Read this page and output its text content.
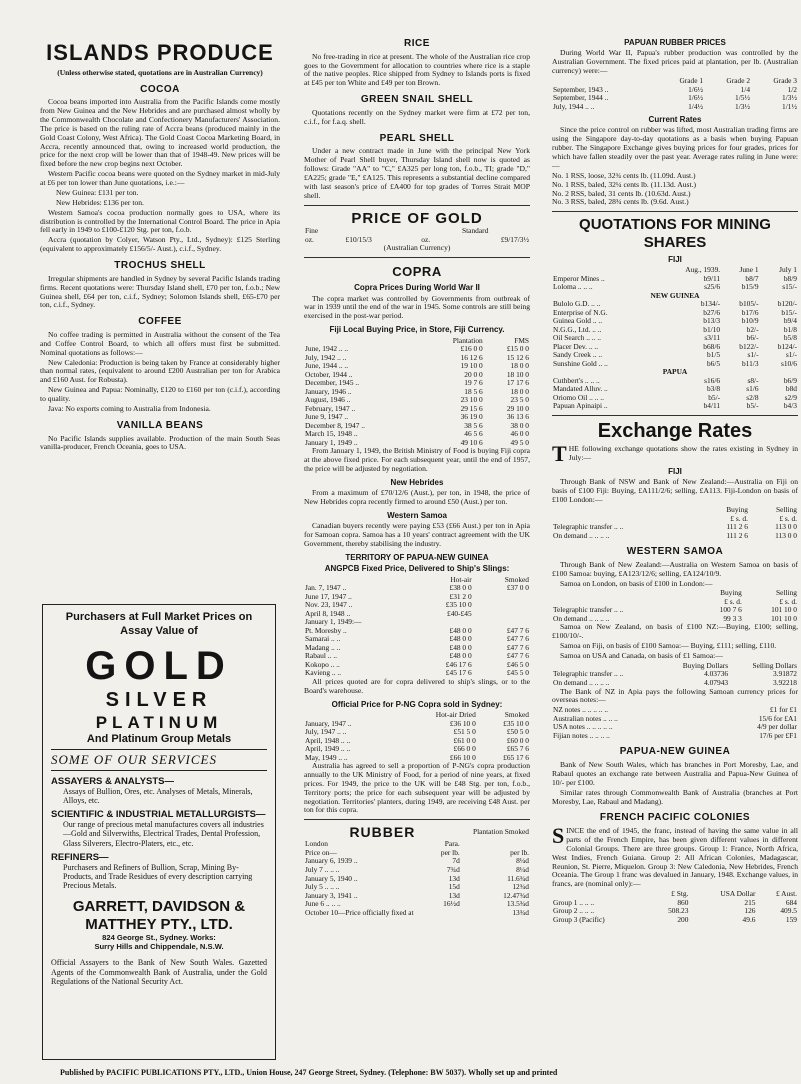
ISLANDS PRODUCE
(Unless otherwise stated, quotations are in Australian Currency)
COCOA

Cocoa beans imported into Australia from the Pacific Islands come mostly from New Guinea and the New Hebrides and are purchased almost wholly by the Commonwealth Chocolate and Confectionery Manufacturers' Association. The price is based on the ruling rate of Accra beans (produced mainly in the Gold Coast Colony, West Africa). The Gold Coast Cocoa Marketing Board, in Accra, recently announced that, owing to increased world production, the price for the next crop will be lower than that of 1948-49. New prices will be fixed before the new crop begins next October.

Western Pacific cocoa beans were quoted on the Sydney market in mid-July at £6 per ton lower than June quotations, i.e.:—

New Guinea: £131 per ton.

New Hebrides: £136 per ton.

Western Samoa's cocoa production normally goes to USA, where its distribution is controlled by the International Control Board. The price in Apia fell early in 1949 to £100-£120 Stg. per ton, f.o.b.

Accra (quotation by Colyer, Watson Pty., Ltd., Sydney): £125 Sterling (equivalent to approximately £156/5/- Aust.), c.i.f., Sydney.

TROCHUS SHELL

Irregular shipments are handled in Sydney by several Pacific Islands trading firms. Recent quotations were: Thursday Island shell, £70 per ton, f.o.b.; New Guinea shell, £64 per ton, c.i.f., Sydney; Solomon Islands shell, £65-£70 per ton, c.i.f., Sydney.

COFFEE

No coffee trading is permitted in Australia without the consent of the Tea and Coffee Control Board, to which all offers must first be submitted. Nominal quotations as follows:—

New Caledonia: Production is being taken by France at considerably higher than normal rates, (equivalent to around £200 Australian per ton for Arabica and £160 Aust. for Robusta).

New Guinea and Papua: Nominally, £120 to £160 per ton (c.i.f.), according to quality.

Java: No exports coming to Australia from Indonesia.

VANILLA BEANS

No Pacific Islands supplies available. Production of the main South Seas vanilla-producer, French Oceania, goes to USA.

Purchasers at Full Market Prices on Assay Value of
GOLD
SILVER
PLATINUM
And Platinum Group Metals
SOME OF OUR SERVICES
ASSAYERS & ANALYSTS—
Assays of Bullion, Ores, etc. Analyses of Metals, Minerals, Alloys, etc.
SCIENTIFIC & INDUSTRIAL METALLURGISTS—
Our range of precious metal manufactures covers all industries—Gold and Silverwiths, Electrical Trades, Dental Profession, Glass Silverers, Electro-Platers, etc., etc.
REFINERS—
Purchasers and Refiners of Bullion, Scrap, Mining By-Products, and Trade Residues of every description carrying Precious Metals.
GARRETT, DAVIDSON & MATTHEY PTY., LTD.
824 George St., Sydney. Works:
Surry Hills and Chippendale, N.S.W.
Official Assayers to the Bank of New South Wales. Gazetted Agents of the Commonwealth Bank of Australia, under the Gold Regulations of the National Security Act.
RICE

No free-trading in rice at present. The whole of the Australian rice crop goes to the Government for allocation to countries where rice is a staple of the native peoples. Rice shipped from Sydney to Islands ports is fixed at £45 per ton White and £49 per ton Brown.

GREEN SNAIL SHELL

Quotations recently on the Sydney market were firm at £72 per ton, c.i.f., for f.a.q. shell.

PEARL SHELL

Under a new contract made in June with the principal New York Mother of Pearl Shell buyer, Thursday Island shell now is quoted as follows: Grade "AA" to "C," £A325 per long ton, f.o.b., TI; grade "D," £A225; grade "E," £A125. This represents a substantial decline compared with last season's price of £A400 for top grades of Torres Strait MOP shell.

PRICE OF GOLD
Fine		Standard	
oz.	£10/15/3	oz.	£9/17/3½
(Australian Currency)
COPRA
Copra Prices During World War II

The copra market was controlled by Governments from outbreak of war in 1939 until the end of the war in 1945. Some controls are still being exercised in the post-war period.

Fiji Local Buying Price, in Store, Fiji Currency.
	Plantation	FMS
June, 1942 .. ..	£16 0 0	£15 0 0
July, 1942 .. ..	16 12 6	15 12 6
June, 1944 .. ..	19 10 0	18 0 0
October, 1944 ..	20 0 0	18 10 0
December, 1945 ..	19 7 6	17 17 6
January, 1946 ..	18 5 6	18 0 0
August, 1946 ..	23 10 0	23 5 0
February, 1947 ..	29 15 6	29 10 0
June 9, 1947 ..	36 19 0	36 13 6
December 8, 1947 ..	38 5 6	38 0 0
March 15, 1948 ..	46 5 6	46 0 0
January 1, 1949 ..	49 10 6	49 5 0

From January 1, 1949, the British Ministry of Food is buying Fiji copra at the above fixed price. For each subsequent year, until the end of 1957, the price will be adjusted by negotiation.

New Hebrides

From a maximum of £70/12/6 (Aust.), per ton, in 1948, the price of New Hebrides copra recently firmed to around £50 (Aust.) per ton.

Western Samoa

Canadian buyers recently were paying £53 (£66 Aust.) per ton in Apia for Samoan copra. Samoa has a 10 years' contract agreement with the UK Government, thereby stabilising the industry.

TERRITORY OF PAPUA-NEW GUINEA
ANGPCB Fixed Price, Delivered to Ship's Slings:
	Hot-air	Smoked
Jan. 7, 1947 ..	£38 0 0	£37 0 0
June 17, 1947 ..	£31 2 0	
Nov. 23, 1947 ..	£35 10 0	
April 8, 1948 ..	£40-£45	
January 1, 1949:—		
Pt. Moresby ..	£48 0 0	£47 7 6
Samarai .. ..	£48 0 0	£47 7 6
Madang .. ..	£48 0 0	£47 7 6
Rabaul .. ..	£48 0 0	£47 7 6
Kokopo .. ..	£46 17 6	£46 5 0
Kavieng .. ..	£45 17 6	£45 5 0

All prices quoted are for copra delivered to ship's slings, or to the Board's warehouse.

Official Price for P-NG Copra sold in Sydney:
	Hot-air Dried	Smoked
January, 1947 ..	£36 10 0	£35 10 0
July, 1947 .. ..	£51 5 0	£50 5 0
April, 1948 .. ..	£61 0 0	£60 0 0
April, 1949 .. ..	£66 0 0	£65 7 6
May, 1949 .. ..	£66 10 0	£65 17 6

Australia has agreed to sell a proportion of P-NG's copra production annually to the UK Ministry of Food, for a period of nine years, at fixed prices. For 1949, the price to the UK will be £48 Stg. per ton, f.o.b., Territory ports; the price for each subsequent year will be adjusted by negotiation. Territories' planters, during 1949, are receiving £48 Aust. per ton for this copra.

RUBBER		Plantation Smoked
London	Para.	
Price on—	per lb.	per lb.
January 6, 1939 ..	7d	8¼d
July 7 .. .. ..	7¾d	8¼d
January 5, 1940 ..	13d	11.6¾d
July 5 .. .. ..	15d	12¾d
January 3, 1941 ..	13d	12.47¾d
June 6 .. .. ..	16½d	13.5¾d
October 10—Price officially fixed at		13¾d
PAPUAN RUBBER PRICES

During World War II, Papua's rubber production was controlled by the Australian Government. The fixed prices paid at plantation, per lb. (Australian currency) were:—

	Grade 1	Grade 2	Grade 3
September, 1943 ..	1/6½	1/4	1/2
September, 1944 ..	1/6½	1/5½	1/3½
July, 1944 .. ..	1/4½	1/3½	1/1½
Current Rates

Since the price control on rubber was lifted, most Australian trading firms are using the Singapore day-to-day quotations as a basis when buying Papuan rubber. The Singapore Exchange gives buying prices for four grades, prices for which have fallen steadily over the past year. Average rates ruling in June were:—

No. 1 RSS, loose, 32¾ cents lb. (11.09d. Aust.)
No. 1 RSS, baled, 32¼ cents lb. (11.13d. Aust.)
No. 2 RSS, baled, 31 cents lb. (10.63d. Aust.)
No. 3 RSS, baled, 28¾ cents lb. (9.6d. Aust.)
QUOTATIONS FOR MINING SHARES
FIJI
	Aug., 1939.	June 1	July 1
Emperor Mines ..	b9/11	b8/7	b8/9
Loloma .. .. ..	s25/6	b15/9	s15/-
NEW GUINEA			
Bulolo G.D. .. ..	b134/-	b105/-	b120/-
Enterprise of N.G.	b27/6	b17/6	b15/-
Guinea Gold .. ..	b13/3	b10/9	b9/4
N.G.G., Ltd. .. ..	b1/10	b2/-	b1/8
Oil Search .. .. ..	s3/11	b6/-	b5/8
Placer Dev. .. ..	b68/6	b122/-	b124/-
Sandy Creek .. ..	b1/5	s1/-	s1/-
Sunshine Gold .. ..	b6/5	b11/3	s10/6
PAPUA			
Cuthbert's .. .. ..	s16/6	s8/-	b6/9
Mandated Alluv. ..	b3/8	s1/6	b8d
Oriomo Oil .. .. ..	b5/-	s2/8	s2/9
Papuan Apinaipi ..	b4/11	b5/-	b4/3
Exchange Rates

THE following exchange quotations show the rates existing in Sydney in July:—

FIJI

Through Bank of NSW and Bank of New Zealand:—Australia on Fiji on basis of £100 Fiji: Buying, £A111/2/6; selling, £A113. Fiji-London on basis of £100 London:—

	Buying	Selling
	£ s. d.	£ s. d.
Telegraphic transfer .. ..	111 2 6	113 0 0
On demand .. .. .. ..	111 2 6	113 0 0
WESTERN SAMOA

Through Bank of New Zealand:—Australia on Western Samoa on basis of £100 Samoa: buying, £A123/12/6; selling, £A124/10/9.

Samoa on London, on basis of £100 in London:—

	Buying	Selling
	£ s. d.	£ s. d.
Telegraphic transfer .. ..	100 7 6	101 10 0
On demand .. .. .. ..	99 3 3	101 10 0

Samoa on New Zealand, on basis of £100 NZ:—Buying, £100; selling, £100/10/-.

Samoa on Fiji, on basis of £100 Samoa:— Buying, £111; selling, £110.

Samoa on USA and Canada, on basis of £1 Samoa:—

	Buying Dollars	Selling Dollars
Telegraphic transfer .. ..	4.03736	3.91872
On demand .. .. .. ..	4.07943	3.92218

The Bank of NZ in Apia pays the following Samoan currency prices for overseas notes:—

NZ notes .. .. .. .. ..	£1 for £1
Australian notes .. .. ..	15/6 for £A1
USA notes .. .. .. .. ..	4/9 per dollar
Fijian notes .. .. .. ..	17/6 per £F1
PAPUA-NEW GUINEA

Bank of New South Wales, which has branches in Port Moresby, Lae, and Rabaul quotes an exchange rate between Australia and Papua-New Guinea of 10/- per £100.

Similar rates through Commonwealth Bank of Australia (branches at Port Moresby, Lae, Rabaul and Madang).

FRENCH PACIFIC COLONIES

SINCE the end of 1945, the franc, instead of having the same value in all parts of the French Empire, has been given different values in different Colonial Groups. There are three groups. Group 1: France, North Africa, West Indies, French Guiana. Group 2: All African Colonies, Madagascar, Reunion, St. Pierre, Miquelon. Group 3: New Caledonia, New Hebrides, French Oceania. The Group 1 franc was devalued in January, 1948. Exchange values, in francs, are (nominal only):—

	£ Stg.	USA Dollar	£ Aust.
Group 1 .. .. ..	860	215	684
Group 2 .. .. ..	508.23	126	409.5
Group 3 (Pacific)	200	49.6	159
Published by PACIFIC PUBLICATIONS PTY., LTD., Union House, 247 George Street, Sydney. (Telephone: BW 5037). Wholly set up and printed
